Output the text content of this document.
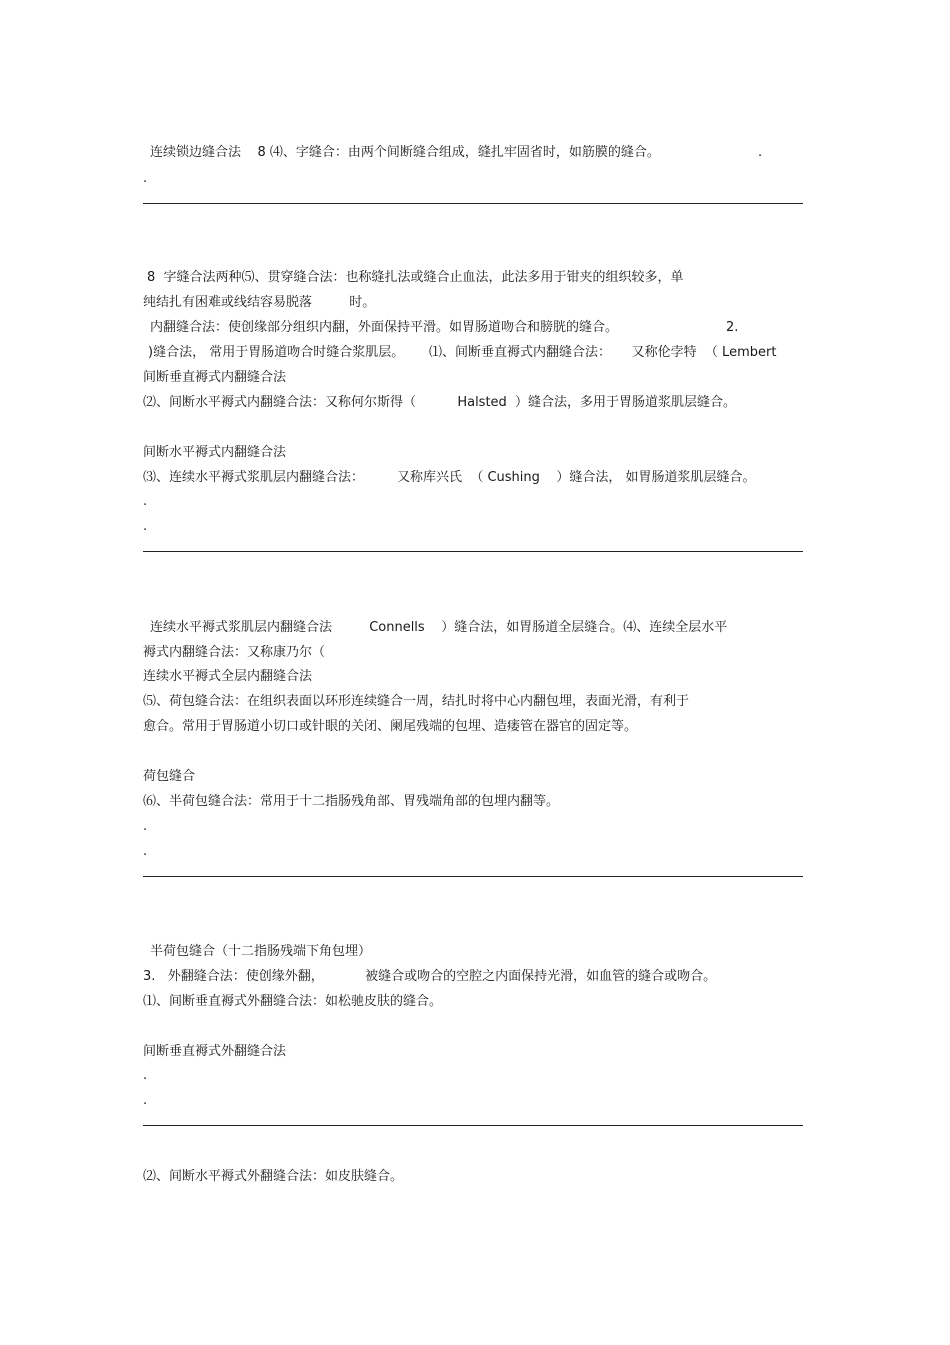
连续锁边缝合法    8 ⑷、字缝合：由两个间断缝合组成，缝扎牢固省时，如筋膜的缝合。	.
.
8  字缝合法两种⑸、贯穿缝合法：也称缝扎法或缝合止血法，此法多用于钳夹的组织较多，单
纯结扎有困难或线结容易脱落         时。
内翻缝合法：使创缘部分组织内翻，外面保持平滑。如胃肠道吻合和膀胱的缝合。	2.
)缝合法， 常用于胃肠道吻合时缝合浆肌层。      ⑴、间断垂直褥式内翻缝合法：     又称伦孛特  （ Lembert
间断垂直褥式内翻缝合法
⑵、间断水平褥式内翻缝合法：又称何尔斯得（          Halsted  ）缝合法，多用于胃肠道浆肌层缝合。
间断水平褥式内翻缝合法
⑶、连续水平褥式浆肌层内翻缝合法：        又称库兴氏  （ Cushing    ）缝合法， 如胃肠道浆肌层缝合。
.
.
连续水平褥式浆肌层内翻缝合法         Connells    ）缝合法，如胃肠道全层缝合。⑷、连续全层水平
褥式内翻缝合法：又称康乃尔（
连续水平褥式全层内翻缝合法
⑸、荷包缝合法：在组织表面以环形连续缝合一周，结扎时将中心内翻包埋，表面光滑，有利于
愈合。常用于胃肠道小切口或针眼的关闭、阑尾残端的包埋、造瘘管在器官的固定等。
荷包缝合
⑹、半荷包缝合法：常用于十二指肠残角部、胃残端角部的包埋内翻等。
.
.
半荷包缝合（十二指肠残端下角包埋）
3.   外翻缝合法：使创缘外翻，          被缝合或吻合的空腔之内面保持光滑，如血管的缝合或吻合。
⑴、间断垂直褥式外翻缝合法：如松驰皮肤的缝合。
间断垂直褥式外翻缝合法
.
.
⑵、间断水平褥式外翻缝合法：如皮肤缝合。
